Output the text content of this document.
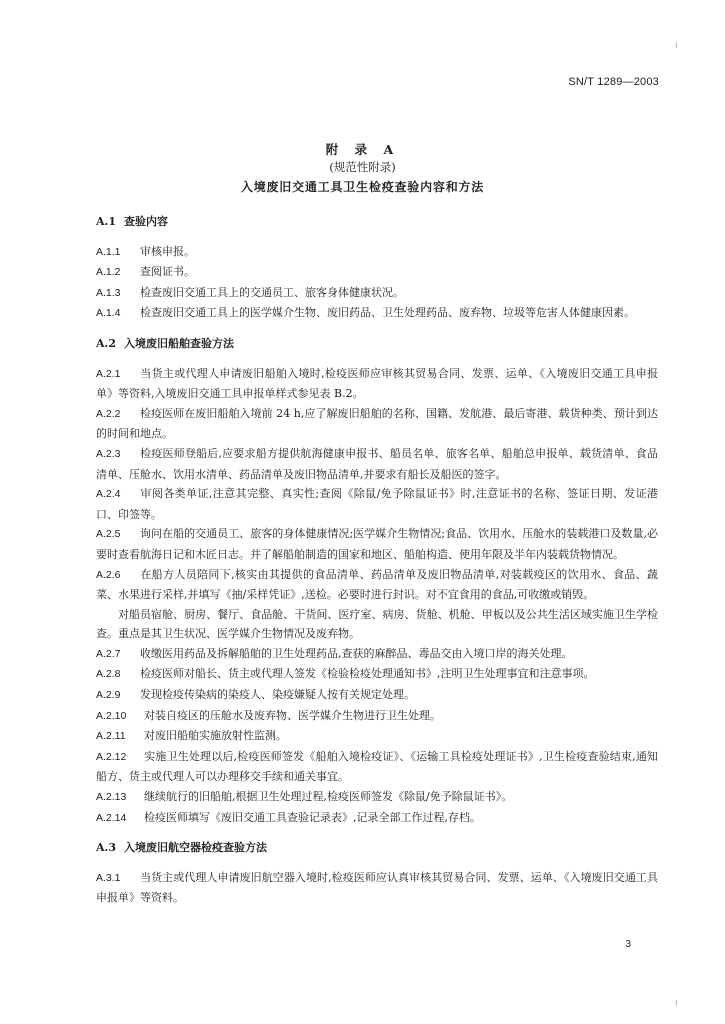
SN/T 1289—2003
附 录 A
(规范性附录)
入境废旧交通工具卫生检疫查验内容和方法

A.1 查验内容

A.1.1 审核申报。

A.1.2 查阅证书。

A.1.3 检查废旧交通工具上的交通员工、旅客身体健康状况。

A.1.4 检查废旧交通工具上的医学媒介生物、废旧药品、卫生处理药品、废弃物、垃圾等危害人体健康因素。

A.2 入境废旧船舶查验方法

A.2.1 当货主或代理人申请废旧船舶入境时,检疫医师应审核其贸易合同、发票、运单、《入境废旧交通工具申报单》等资料,入境废旧交通工具申报单样式参见表 B.2。

A.2.2 检疫医师在废旧船舶入境前 24 h,应了解废旧船舶的名称、国籍、发航港、最后寄港、载货种类、预计到达的时间和地点。

A.2.3 检疫医师登船后,应要求船方提供航海健康申报书、船员名单、旅客名单、船舶总申报单、载货清单、食品清单、压舱水、饮用水清单、药品清单及废旧物品清单,并要求有船长及船医的签字。

A.2.4 审阅各类单证,注意其完整、真实性;查阅《除鼠/免予除鼠证书》时,注意证书的名称、签证日期、发证港口、印签等。

A.2.5 询问在船的交通员工、旅客的身体健康情况;医学媒介生物情况;食品、饮用水、压舱水的装载港口及数量,必要时查看航海日记和木匠日志。并了解船舶制造的国家和地区、船舶构造、使用年限及半年内装载货物情况。

A.2.6 在船方人员陪同下,核实由其提供的食品清单、药品清单及废旧物品清单,对装载疫区的饮用水、食品、蔬菜、水果进行采样,并填写《抽/采样凭证》,送检。必要时进行封识。对不宜食用的食品,可收缴或销毁。

对船员宿舱、厨房、餐厅、食品舱、干货间、医疗室、病房、货舱、机舱、甲板以及公共生活区域实施卫生学检查。重点是其卫生状况、医学媒介生物情况及废弃物。

A.2.7 收缴医用药品及拆解船舶的卫生处理药品,查获的麻醉品、毒品交由入境口岸的海关处理。

A.2.8 检疫医师对船长、货主或代理人签发《检验检疫处理通知书》,注明卫生处理事宜和注意事项。

A.2.9 发现检疫传染病的染疫人、染疫嫌疑人按有关规定处理。

A.2.10 对装自疫区的压舱水及废弃物、医学媒介生物进行卫生处理。

A.2.11 对废旧船舶实施放射性监测。

A.2.12 实施卫生处理以后,检疫医师签发《船舶入境检疫证》、《运输工具检疫处理证书》,卫生检疫查验结束,通知船方、货主或代理人可以办理移交手续和通关事宜。

A.2.13 继续航行的旧船舶,根据卫生处理过程,检疫医师签发《除鼠/免予除鼠证书》。

A.2.14 检疫医师填写《废旧交通工具查验记录表》,记录全部工作过程,存档。

A.3 入境废旧航空器检疫查验方法

A.3.1 当货主或代理人申请废旧航空器入境时,检疫医师应认真审核其贸易合同、发票、运单、《入境废旧交通工具申报单》等资料。

3
